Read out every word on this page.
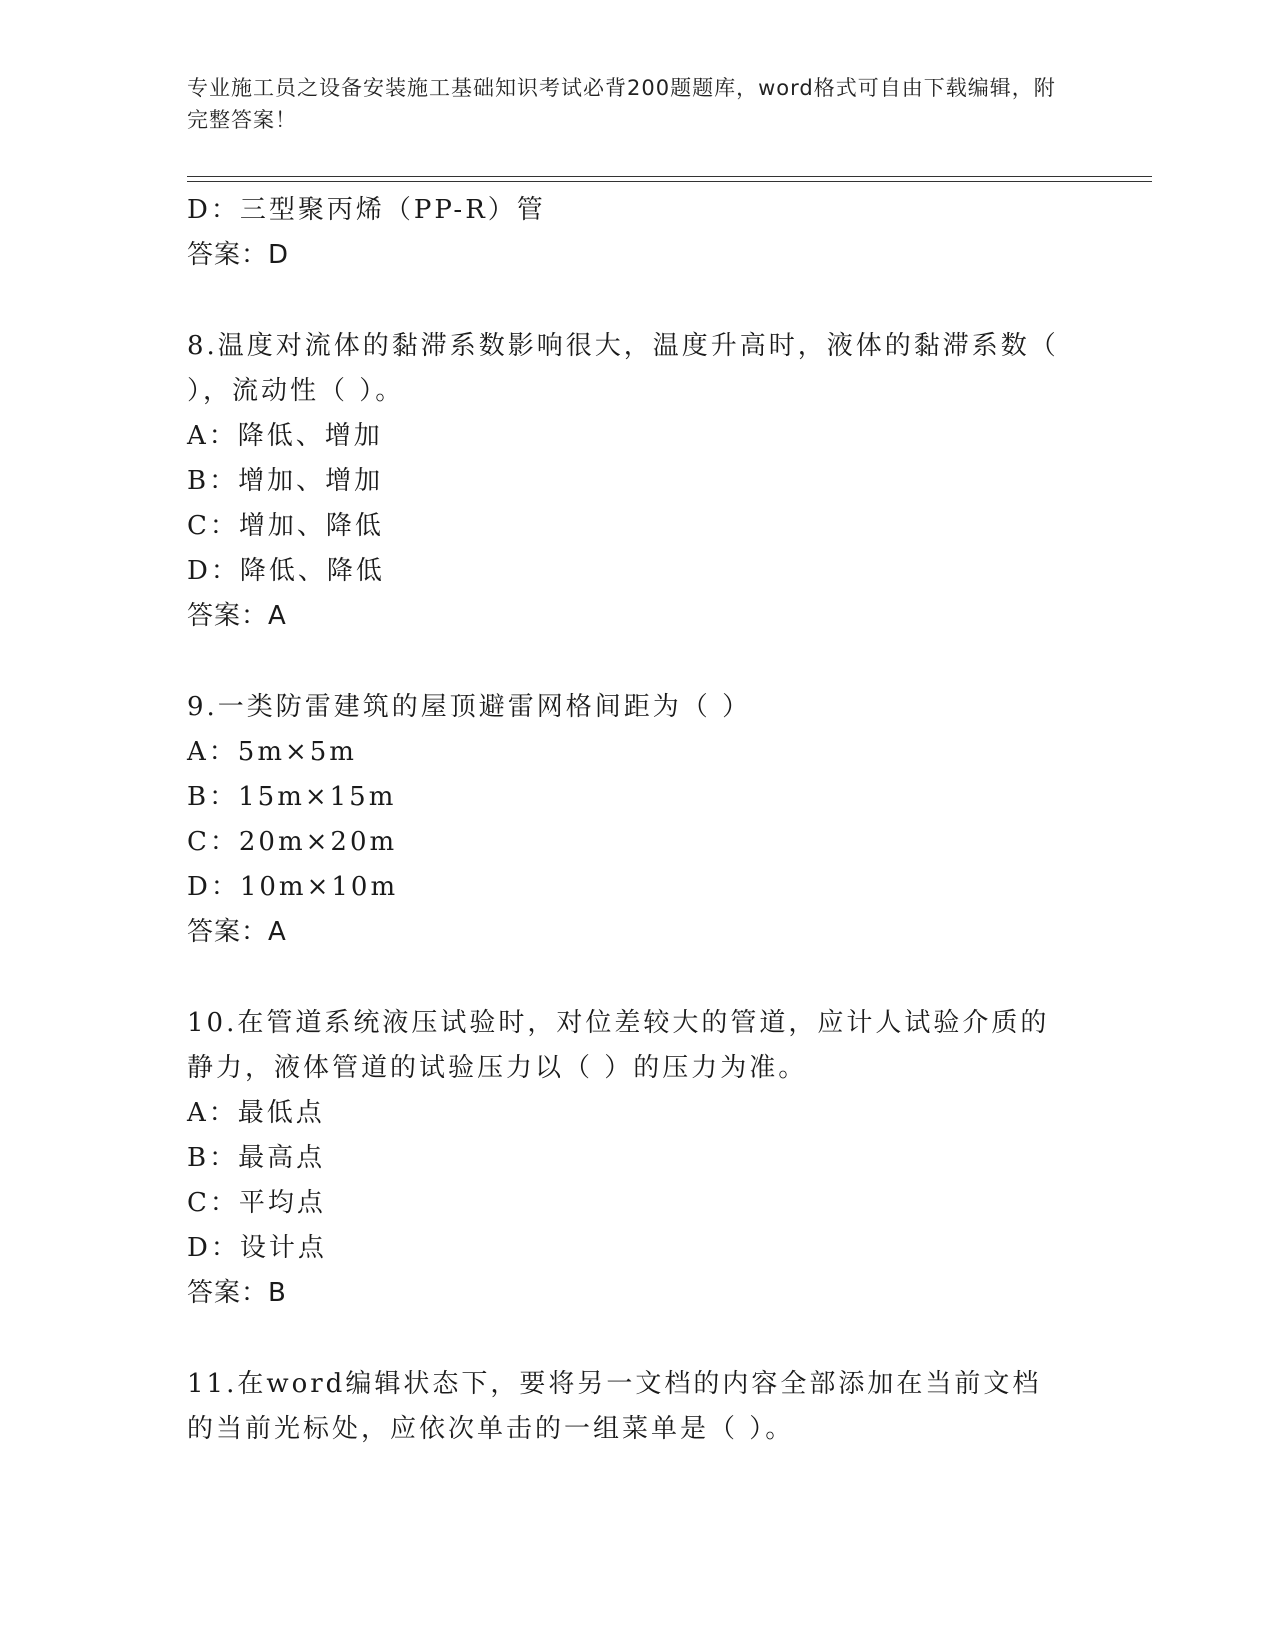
专业施工员之设备安装施工基础知识考试必背200题题库，word格式可自由下载编辑，附完整答案！
D：三型聚丙烯（PP-R）管
答案：D
8.温度对流体的黏滞系数影响很大，温度升高时，液体的黏滞系数（ ），流动性（ ）。
A：降低、增加
B：增加、增加
C：增加、降低
D：降低、降低
答案：A
9.一类防雷建筑的屋顶避雷网格间距为（ ）
A：5m×5m
B：15m×15m
C：20m×20m
D：10m×10m
答案：A
10.在管道系统液压试验时，对位差较大的管道，应计人试验介质的静力，液体管道的试验压力以（ ）的压力为准。
A：最低点
B：最高点
C：平均点
D：设计点
答案：B
11.在word编辑状态下，要将另一文档的内容全部添加在当前文档的当前光标处，应依次单击的一组菜单是（ ）。
